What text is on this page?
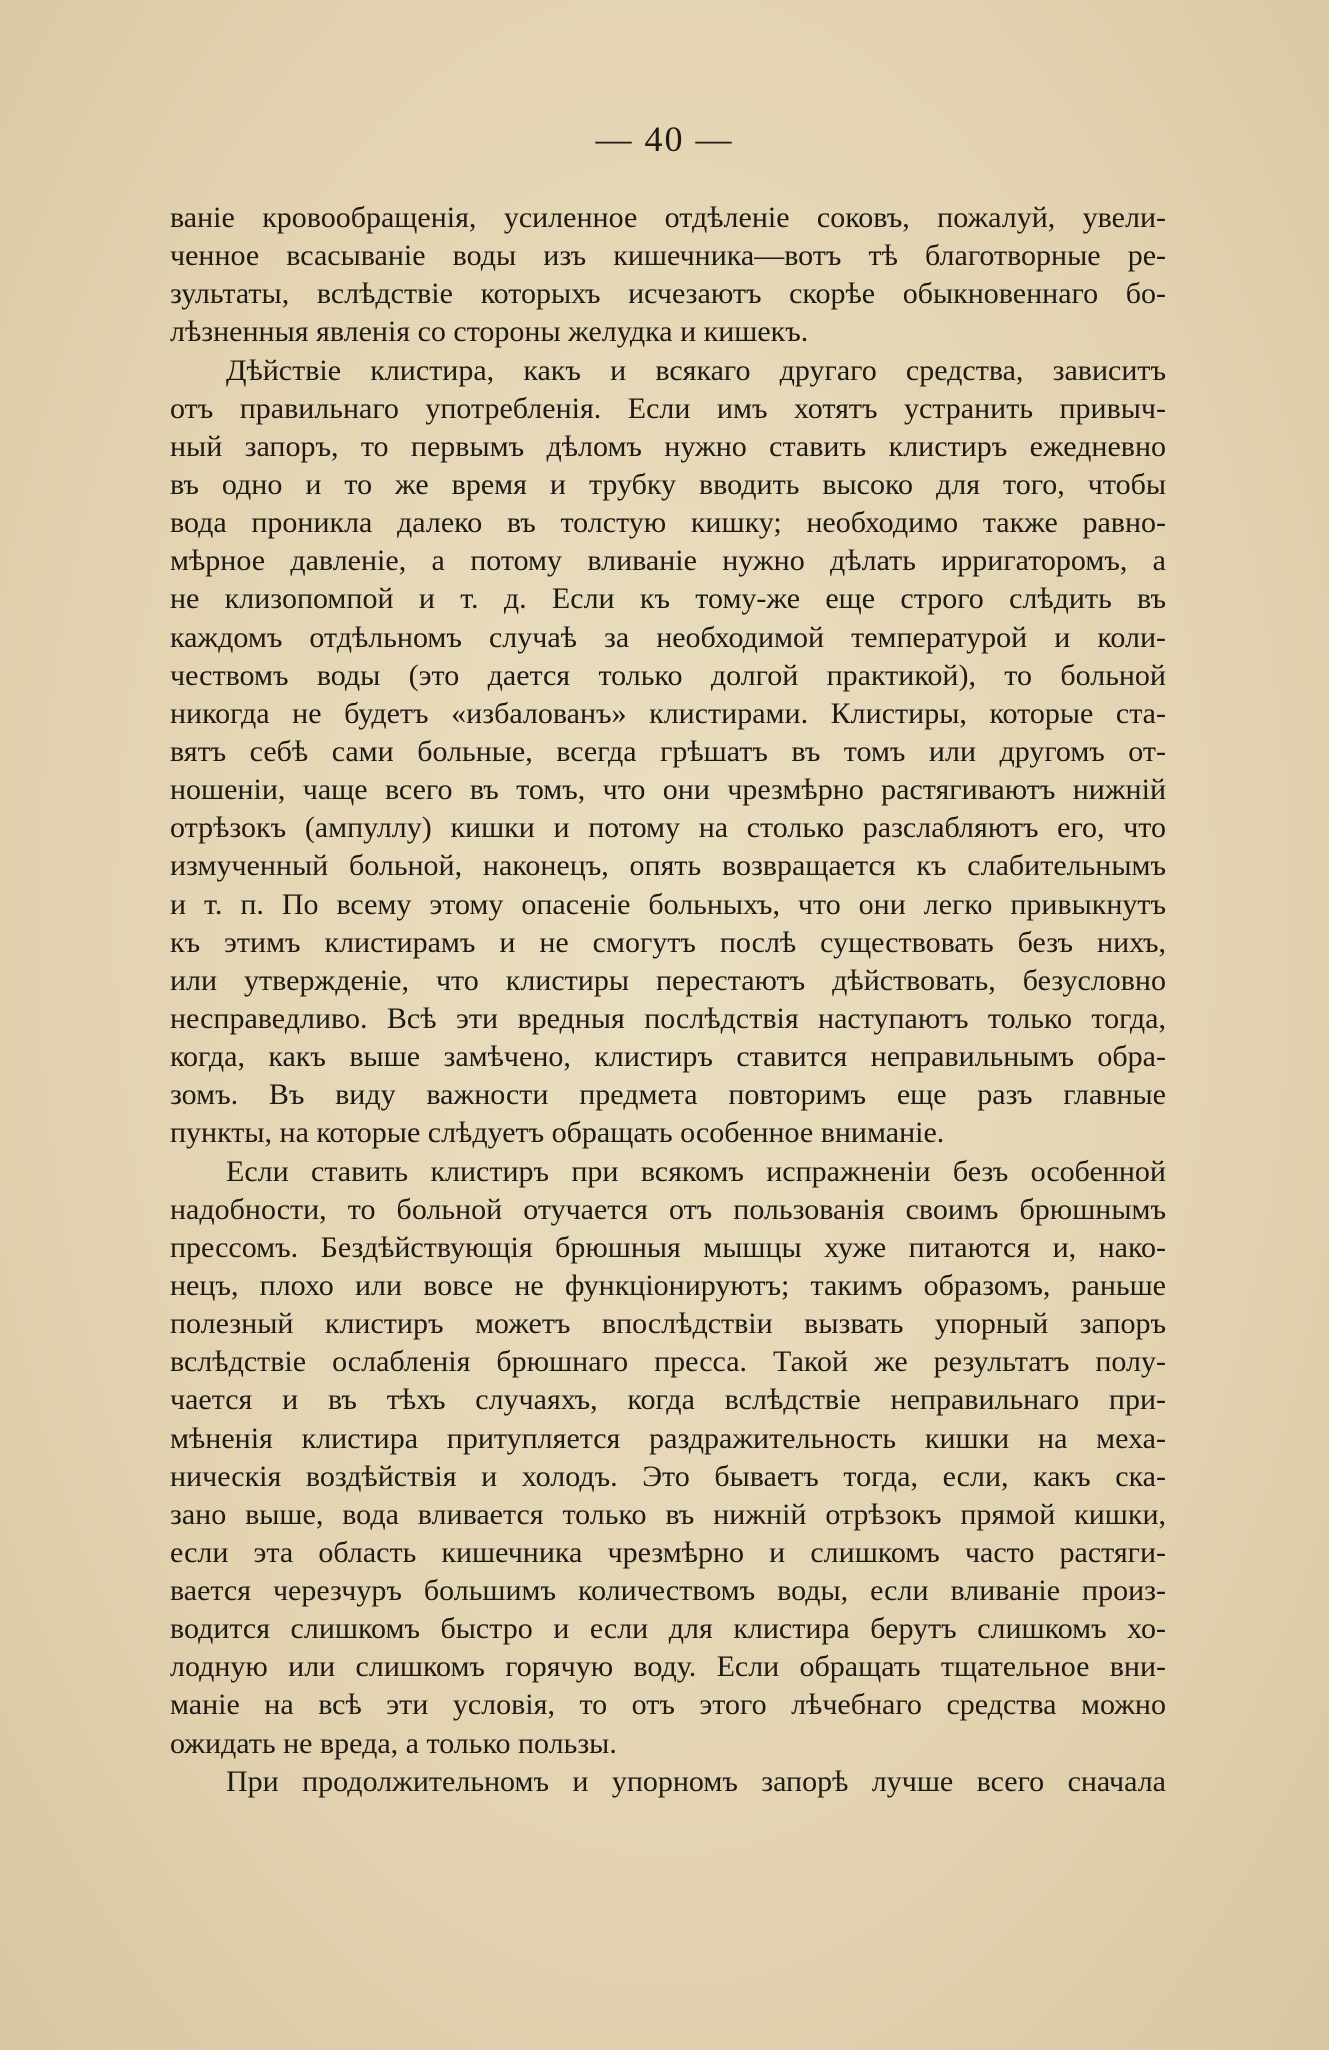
— 40 —
ваніе кровообращенія, усиленное отдѣленіе соковъ, пожалуй, увели-
ченное всасываніе воды изъ кишечника—вотъ тѣ благотворные ре-
зультаты, вслѣдствіе которыхъ исчезаютъ скорѣе обыкновеннаго бо-
лѣзненныя явленія со стороны желудка и кишекъ.
Дѣйствіе клистира, какъ и всякаго другаго средства, зависитъ
отъ правильнаго употребленія. Если имъ хотятъ устранить привыч-
ный запоръ, то первымъ дѣломъ нужно ставить клистиръ ежедневно
въ одно и то же время и трубку вводить высоко для того, чтобы
вода проникла далеко въ толстую кишку; необходимо также равно-
мѣрное давленіе, а потому вливаніе нужно дѣлать ирригаторомъ, а
не клизопомпой и т. д. Если къ тому-же еще строго слѣдить въ
каждомъ отдѣльномъ случаѣ за необходимой температурой и коли-
чествомъ воды (это дается только долгой практикой), то больной
никогда не будетъ «избалованъ» клистирами. Клистиры, которые ста-
вятъ себѣ сами больные, всегда грѣшатъ въ томъ или другомъ от-
ношеніи, чаще всего въ томъ, что они чрезмѣрно растягиваютъ нижній
отрѣзокъ (ампуллу) кишки и потому на столько разслабляютъ его, что
измученный больной, наконецъ, опять возвращается къ слабительнымъ
и т. п. По всему этому опасеніе больныхъ, что они легко привыкнутъ
къ этимъ клистирамъ и не смогутъ послѣ существовать безъ нихъ,
или утвержденіе, что клистиры перестаютъ дѣйствовать, безусловно
несправедливо. Всѣ эти вредныя послѣдствія наступаютъ только тогда,
когда, какъ выше замѣчено, клистиръ ставится неправильнымъ обра-
зомъ. Въ виду важности предмета повторимъ еще разъ главные
пункты, на которые слѣдуетъ обращать особенное вниманіе.
Если ставить клистиръ при всякомъ испражненіи безъ особенной
надобности, то больной отучается отъ пользованія своимъ брюшнымъ
прессомъ. Бездѣйствующія брюшныя мышцы хуже питаются и, нако-
нецъ, плохо или вовсе не функціонируютъ; такимъ образомъ, раньше
полезный клистиръ можетъ впослѣдствіи вызвать упорный запоръ
вслѣдствіе ослабленія брюшнаго пресса. Такой же результатъ полу-
чается и въ тѣхъ случаяхъ, когда вслѣдствіе неправильнаго при-
мѣненія клистира притупляется раздражительность кишки на меха-
ническія воздѣйствія и холодъ. Это бываетъ тогда, если, какъ ска-
зано выше, вода вливается только въ нижній отрѣзокъ прямой кишки,
если эта область кишечника чрезмѣрно и слишкомъ часто растяги-
вается черезчуръ большимъ количествомъ воды, если вливаніе произ-
водится слишкомъ быстро и если для клистира берутъ слишкомъ хо-
лодную или слишкомъ горячую воду. Если обращать тщательное вни-
маніе на всѣ эти условія, то отъ этого лѣчебнаго средства можно
ожидать не вреда, а только пользы.
При продолжительномъ и упорномъ запорѣ лучше всего сначала
